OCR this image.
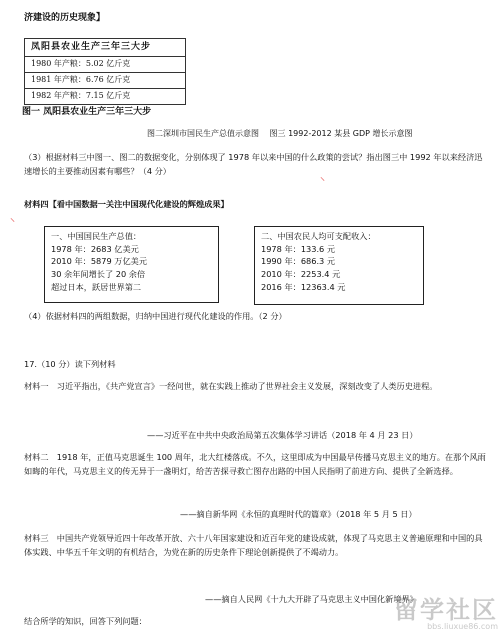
济建设的历史现象】
凤阳县农业生产三年三大步
1980 年产粮：5.02 亿斤克
1981 年产粮：6.76 亿斤克
1982 年产粮：7.15 亿斤克
图一 凤阳县农业生产三年三大步
图二深圳市国民生产总值示意图　 图三 1992-2012 某县 GDP 增长示意图
（3）根据材料三中图一、图二的数据变化，分别体现了 1978 年以来中国的什么政策的尝试？指出图三中 1992 年以来经济迅速增长的主要推动因素有哪些？（4 分）
⸜
材料四【看中国数据一关注中国现代化建设的辉煌成果】
⸜
一、中国国民生产总值：
1978 年：2683 亿美元
2010 年：5879 万亿美元
30 余年间增长了 20 余倍
超过日本，跃居世界第二
二、中国农民人均可支配收入：
1978 年：133.6 元
1990 年：686.3 元
2010 年：2253.4 元
2016 年：12363.4 元
（4）依据材料四的两组数据，归纳中国进行现代化建设的作用。（2 分）
17.（10 分）读下列材料
材料一　习近平指出，《共产党宣言》一经问世，就在实践上推动了世界社会主义发展，深刻改变了人类历史进程。
——习近平在中共中央政治局第五次集体学习讲话（2018 年 4 月 23 日）
材料二　1918 年，正值马克思诞生 100 周年，北大红楼落成。不久，这里即成为中国最早传播马克思主义的地方。在那个风雨如晦的年代，马克思主义的传无异于一盏明灯，给苦苦探寻救亡图存出路的中国人民指明了前进方向、提供了全新选择。
——摘自新华网《永恒的真理时代的篇章》（2018 年 5 月 5 日）
材料三　中国共产党领导近四十年改革开放、六十八年国家建设和近百年党的建设成就，体现了马克思主义普遍原理和中国的具体实践、中华五千年文明的有机结合，为党在新的历史条件下理论创新提供了不竭动力。
——摘自人民网《十九大开辟了马克思主义中国化新境界》
结合所学的知识，回答下列问题：	留学社区
bbs.liuxue86.com
